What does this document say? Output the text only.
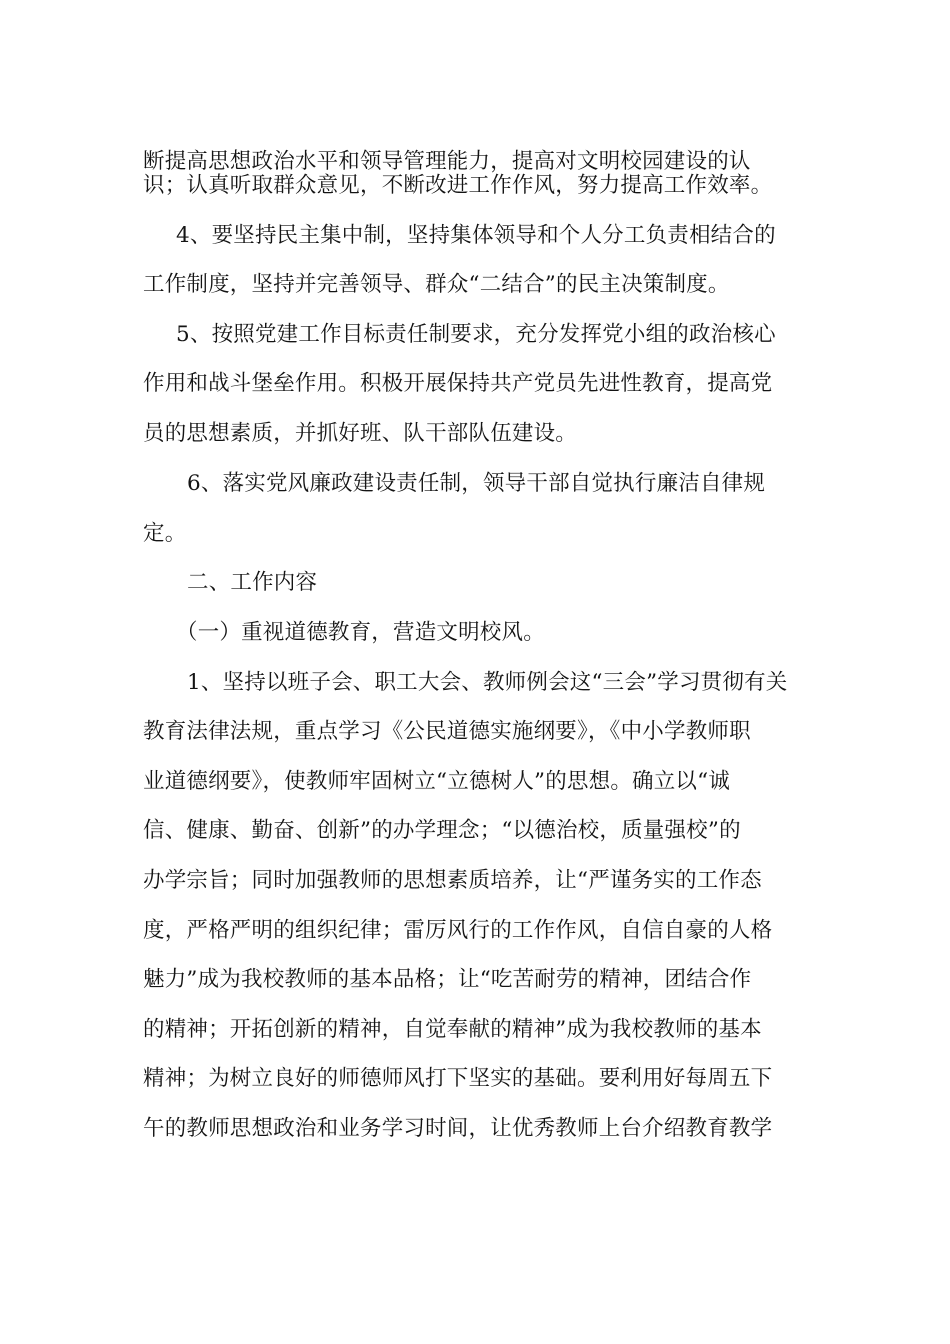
断提高思想政治水平和领导管理能力，提高对文明校园建设的认
识；认真听取群众意见，不断改进工作作风，努力提高工作效率。
4、要坚持民主集中制，坚持集体领导和个人分工负责相结合的
工作制度，坚持并完善领导、群众“二结合”的民主决策制度。
5、按照党建工作目标责任制要求，充分发挥党小组的政治核心
作用和战斗堡垒作用。积极开展保持共产党员先进性教育，提高党
员的思想素质，并抓好班、队干部队伍建设。
6、落实党风廉政建设责任制，领导干部自觉执行廉洁自律规
定。
二、工作内容
（一）重视道德教育，营造文明校风。
1、坚持以班子会、职工大会、教师例会这“三会”学习贯彻有关
教育法律法规，重点学习《公民道德实施纲要》，《中小学教师职
业道德纲要》，使教师牢固树立“立德树人”的思想。确立以“诚
信、健康、勤奋、创新”的办学理念；“以德治校，质量强校”的
办学宗旨；同时加强教师的思想素质培养，让“严谨务实的工作态
度，严格严明的组织纪律；雷厉风行的工作作风，自信自豪的人格
魅力”成为我校教师的基本品格；让“吃苦耐劳的精神，团结合作
的精神；开拓创新的精神，自觉奉献的精神”成为我校教师的基本
精神；为树立良好的师德师风打下坚实的基础。要利用好每周五下
午的教师思想政治和业务学习时间，让优秀教师上台介绍教育教学
